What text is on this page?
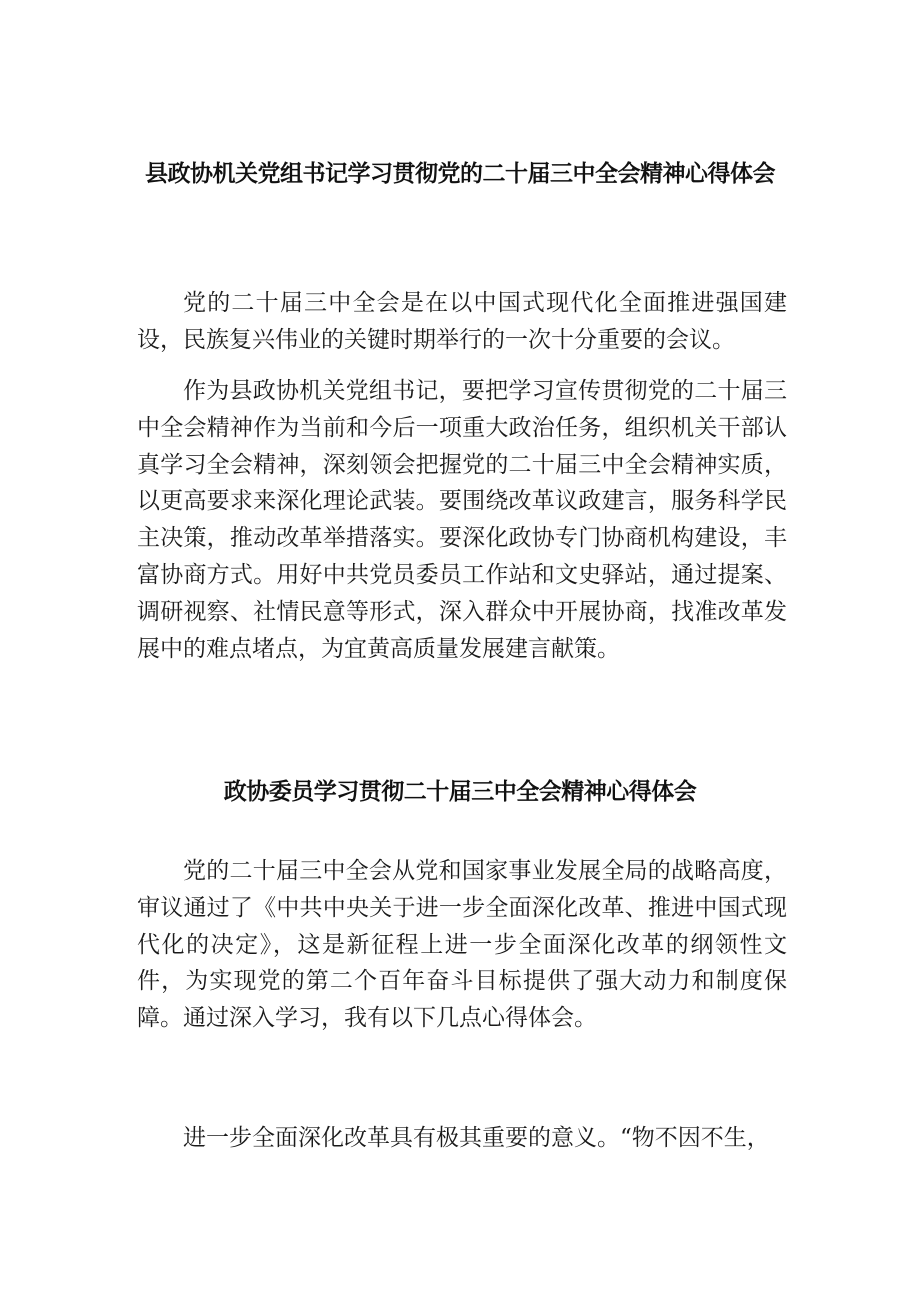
县政协机关党组书记学习贯彻党的二十届三中全会精神心得体会

党的二十届三中全会是在以中国式现代化全面推进强国建设，民族复兴伟业的关键时期举行的一次十分重要的会议。

作为县政协机关党组书记，要把学习宣传贯彻党的二十届三中全会精神作为当前和今后一项重大政治任务，组织机关干部认真学习全会精神，深刻领会把握党的二十届三中全会精神实质，以更高要求来深化理论武装。要围绕改革议政建言，服务科学民主决策，推动改革举措落实。要深化政协专门协商机构建设，丰富协商方式。用好中共党员委员工作站和文史驿站，通过提案、调研视察、社情民意等形式，深入群众中开展协商，找准改革发展中的难点堵点，为宜黄高质量发展建言献策。

政协委员学习贯彻二十届三中全会精神心得体会

党的二十届三中全会从党和国家事业发展全局的战略高度，审议通过了《中共中央关于进一步全面深化改革、推进中国式现代化的决定》，这是新征程上进一步全面深化改革的纲领性文件，为实现党的第二个百年奋斗目标提供了强大动力和制度保障。通过深入学习，我有以下几点心得体会。

进一步全面深化改革具有极其重要的意义。“物不因不生，
